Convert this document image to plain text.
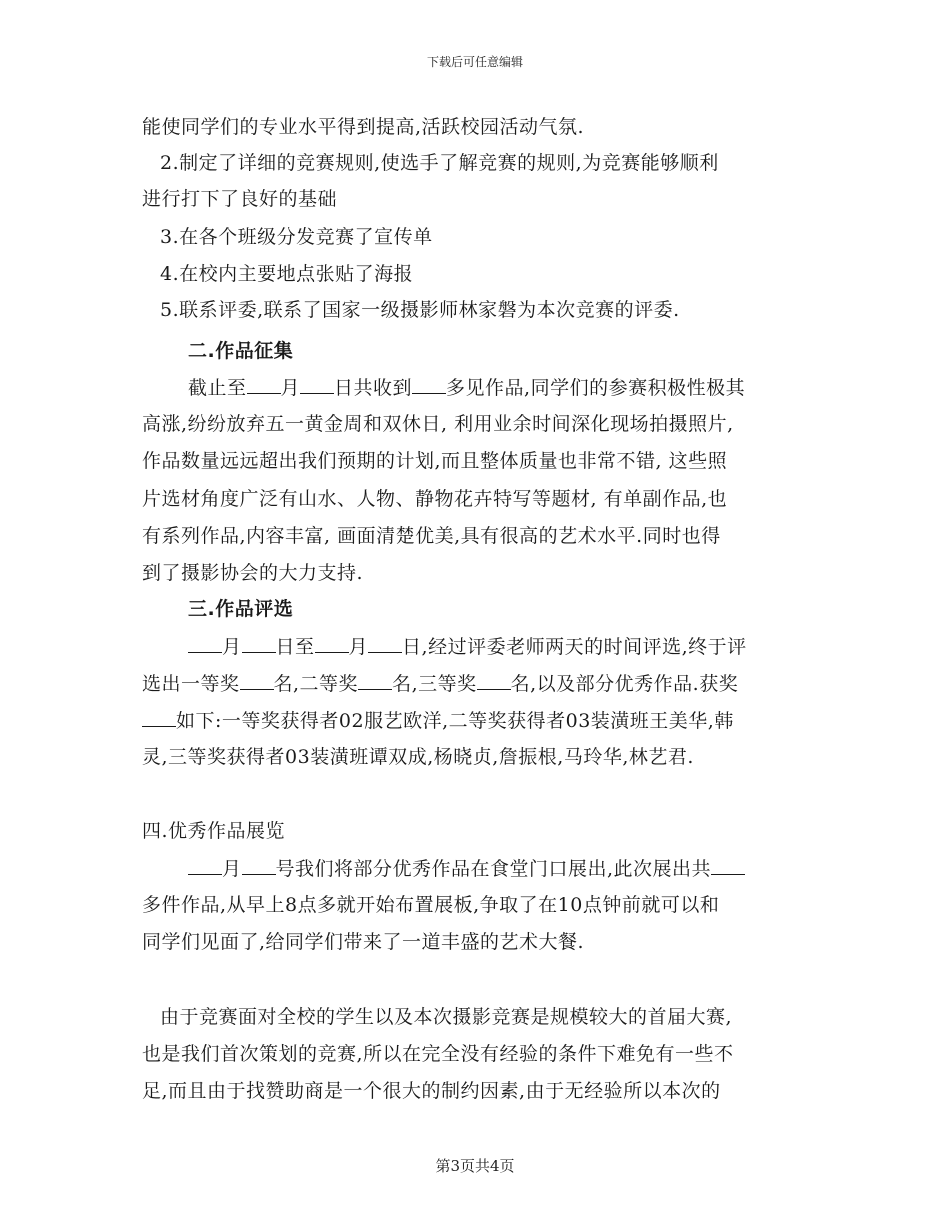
下载后可任意编辑
能使同学们的专业水平得到提高,活跃校园活动气氛.
2.制定了详细的竞赛规则,使选手了解竞赛的规则,为竞赛能够顺利
进行打下了良好的基础
3.在各个班级分发竞赛了宣传单
4.在校内主要地点张贴了海报
5.联系评委,联系了国家一级摄影师林家磐为本次竞赛的评委.
二.作品征集
截止至 月 日共收到 多见作品,同学们的参赛积极性极其
高涨,纷纷放弃五一黄金周和双休日, 利用业余时间深化现场拍摄照片,
作品数量远远超出我们预期的计划,而且整体质量也非常不错, 这些照
片选材角度广泛有山水、人物、静物花卉特写等题材, 有单副作品,也
有系列作品,内容丰富, 画面清楚优美,具有很高的艺术水平.同时也得
到了摄影协会的大力支持.
三.作品评选
月 日至 月 日,经过评委老师两天的时间评选,终于评
选出一等奖 名,二等奖 名,三等奖 名,以及部分优秀作品.获奖
如下:一等奖获得者02服艺欧洋,二等奖获得者03装潢班王美华,韩
灵,三等奖获得者03装潢班谭双成,杨晓贞,詹振根,马玲华,林艺君.
四.优秀作品展览
月 号我们将部分优秀作品在食堂门口展出,此次展出共
多件作品,从早上8点多就开始布置展板,争取了在10点钟前就可以和
同学们见面了,给同学们带来了一道丰盛的艺术大餐.
由于竞赛面对全校的学生以及本次摄影竞赛是规模较大的首届大赛,
也是我们首次策划的竞赛,所以在完全没有经验的条件下难免有一些不
足,而且由于找赞助商是一个很大的制约因素,由于无经验所以本次的
第3页共4页
